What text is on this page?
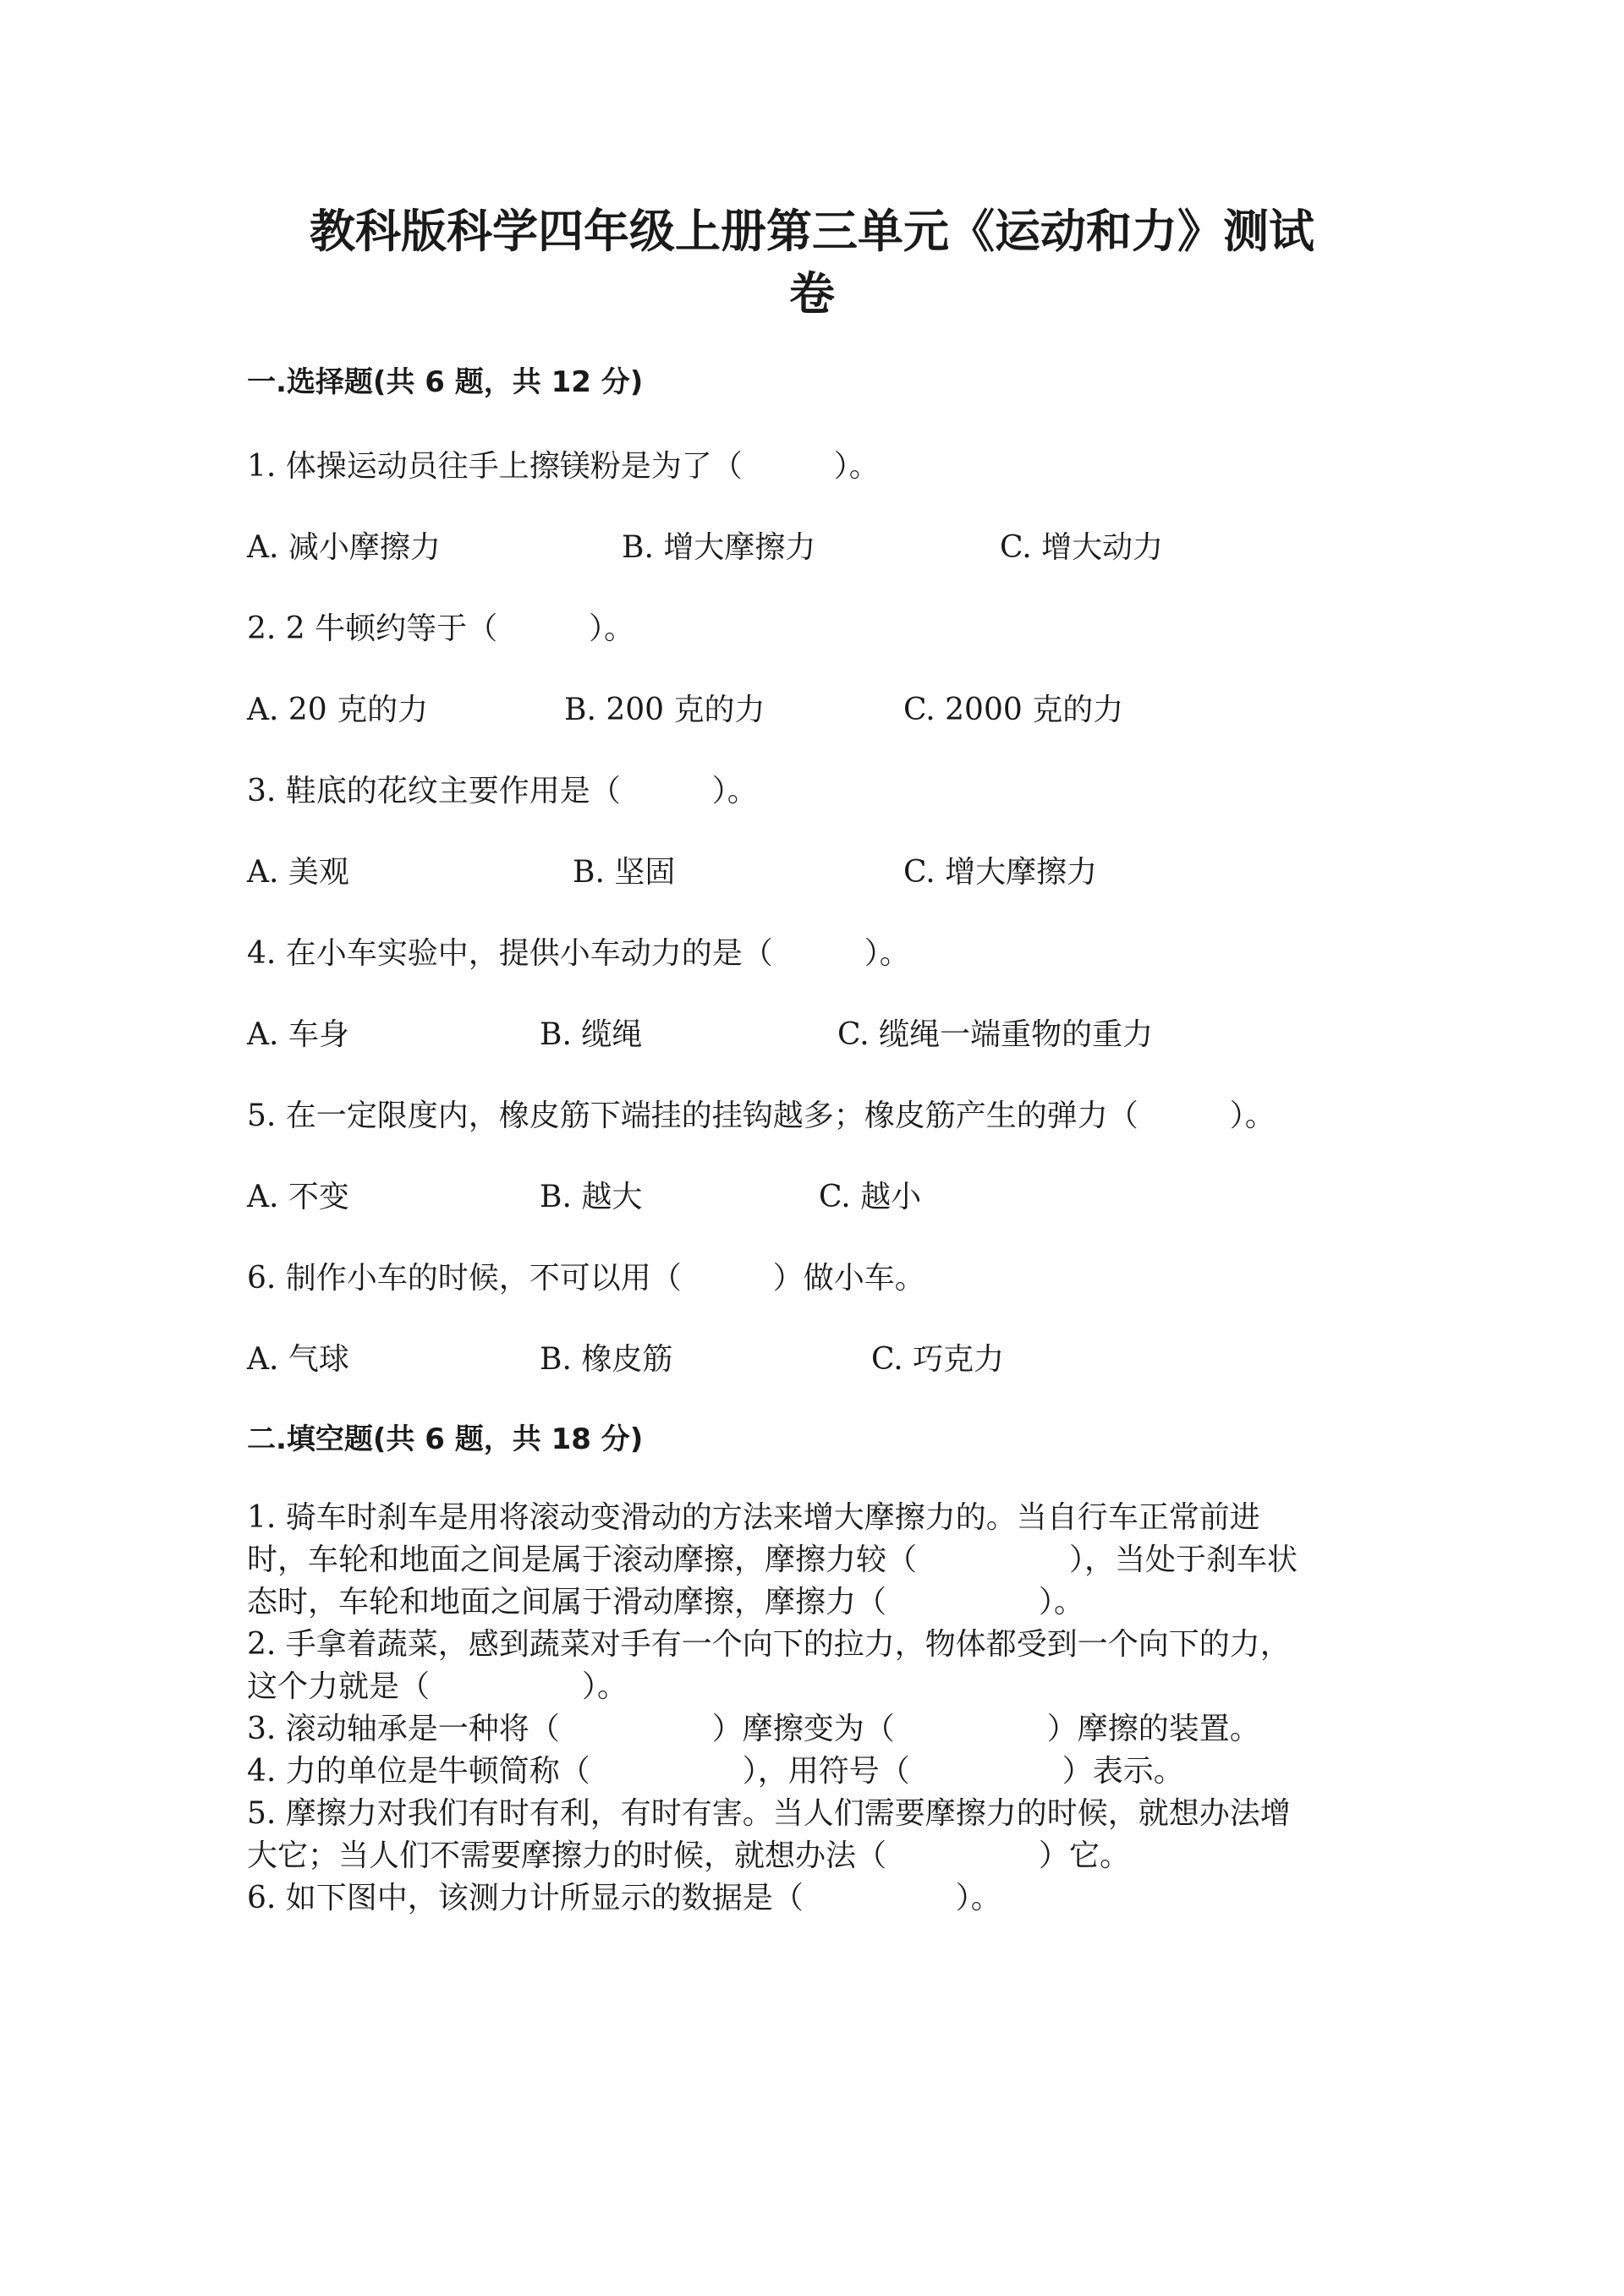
教科版科学四年级上册第三单元《运动和力》测试
卷
一.选择题(共 6 题，共 12 分)
1. 体操运动员往手上擦镁粉是为了（　　　）。
A. 减小摩擦力	B. 增大摩擦力	C. 增大动力
2. 2 牛顿约等于（　　　）。
A. 20 克的力	B. 200 克的力	C. 2000 克的力
3. 鞋底的花纹主要作用是（　　　）。
A. 美观	B. 坚固	C. 增大摩擦力
4. 在小车实验中，提供小车动力的是（　　　）。
A. 车身	B. 缆绳	C. 缆绳一端重物的重力
5. 在一定限度内，橡皮筋下端挂的挂钩越多；橡皮筋产生的弹力（　　　）。
A. 不变	B. 越大	C. 越小
6. 制作小车的时候，不可以用（　　　）做小车。
A. 气球	B. 橡皮筋	C. 巧克力
二.填空题(共 6 题，共 18 分)
1. 骑车时刹车是用将滚动变滑动的方法来增大摩擦力的。当自行车正常前进
时，车轮和地面之间是属于滚动摩擦，摩擦力较（　　　　　），当处于刹车状
态时，车轮和地面之间属于滑动摩擦，摩擦力（　　　　　）。
2. 手拿着蔬菜，感到蔬菜对手有一个向下的拉力，物体都受到一个向下的力，
这个力就是（　　　　　）。
3. 滚动轴承是一种将（　　　　　）摩擦变为（　　　　　）摩擦的装置。
4. 力的单位是牛顿简称（　　　　　），用符号（　　　　　）表示。
5. 摩擦力对我们有时有利，有时有害。当人们需要摩擦力的时候，就想办法增
大它；当人们不需要摩擦力的时候，就想办法（　　　　　）它。
6. 如下图中，该测力计所显示的数据是（　　　　　）。
